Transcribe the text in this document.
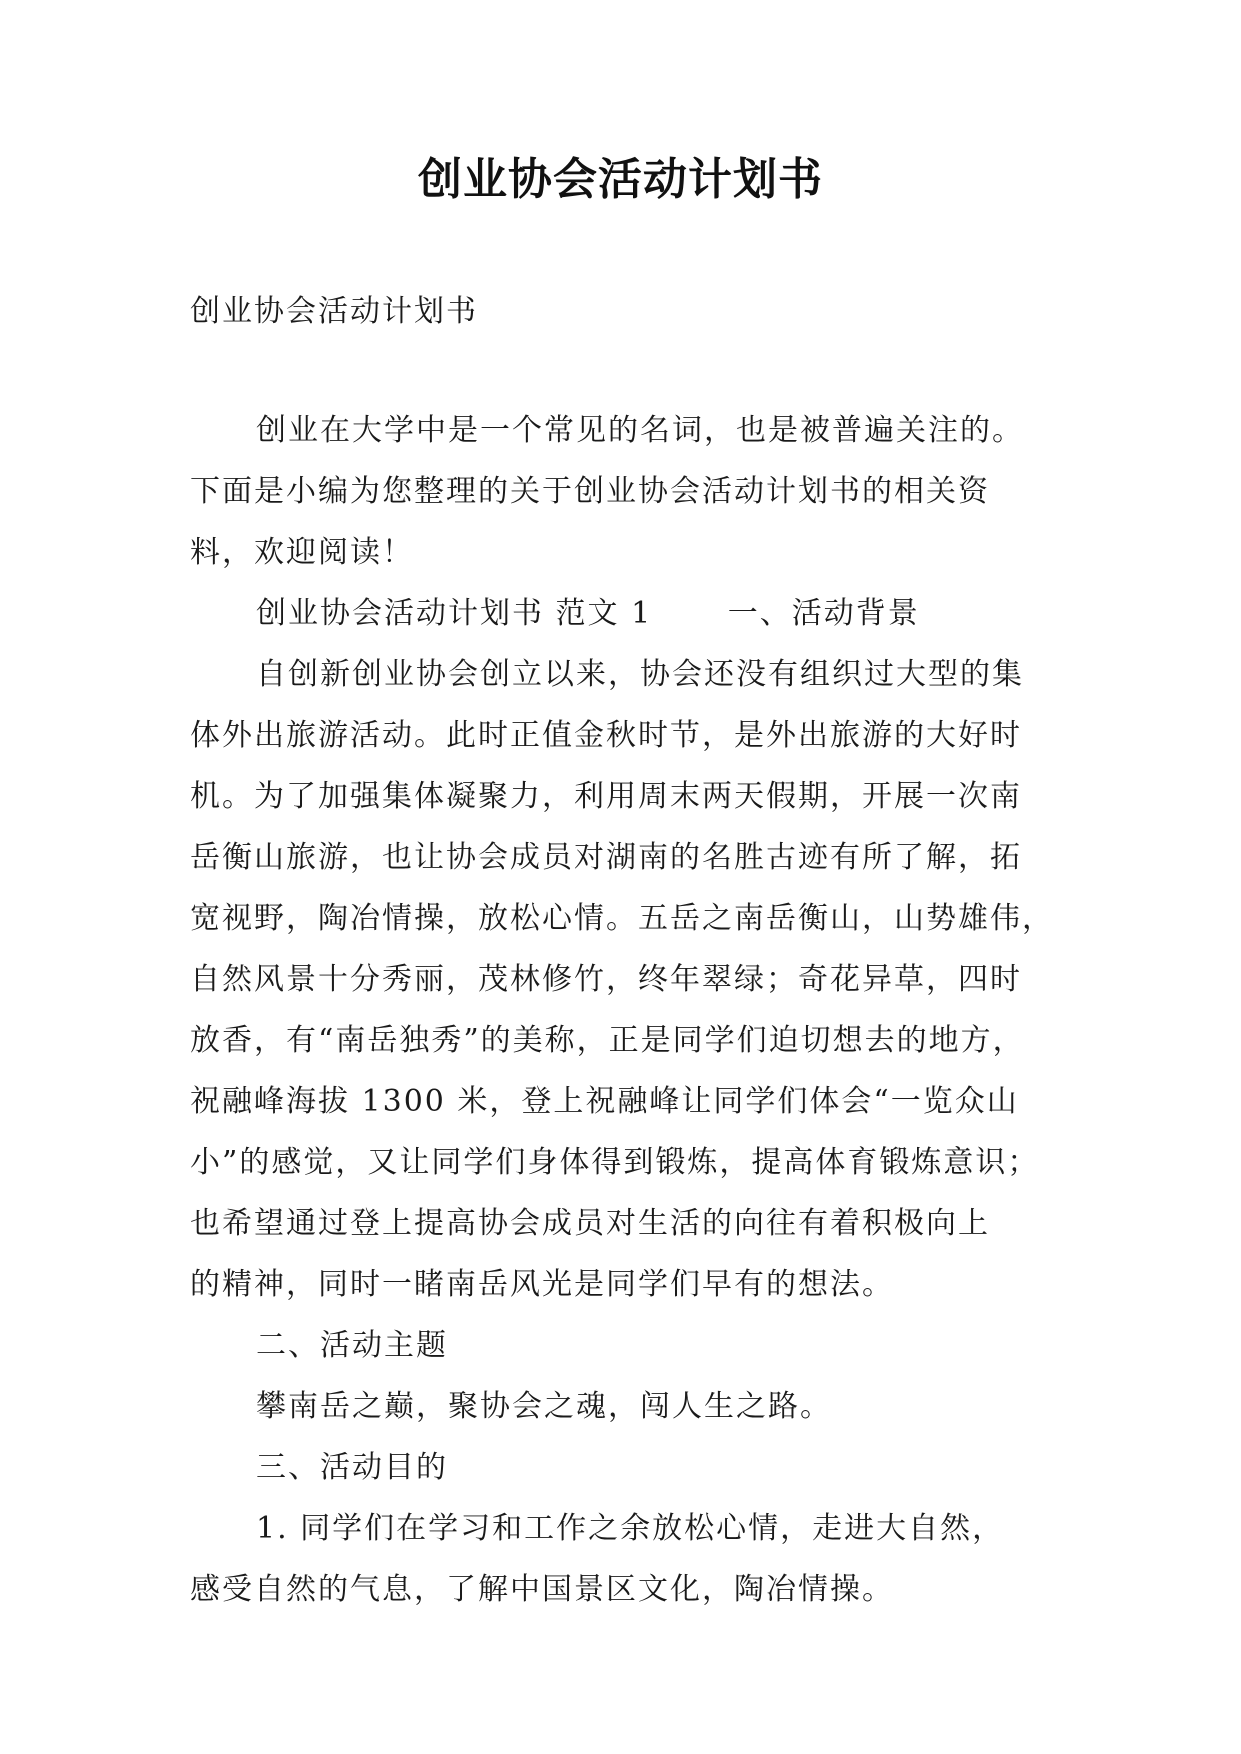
创业协会活动计划书
创业协会活动计划书
创业在大学中是一个常见的名词，也是被普遍关注的。
下面是小编为您整理的关于创业协会活动计划书的相关资
料，欢迎阅读！
创业协会活动计划书 范文 1　　 一、活动背景
自创新创业协会创立以来，协会还没有组织过大型的集
体外出旅游活动。此时正值金秋时节，是外出旅游的大好时
机。为了加强集体凝聚力，利用周末两天假期，开展一次南
岳衡山旅游，也让协会成员对湖南的名胜古迹有所了解，拓
宽视野，陶冶情操，放松心情。五岳之南岳衡山，山势雄伟，
自然风景十分秀丽，茂林修竹，终年翠绿；奇花异草，四时
放香，有“南岳独秀”的美称，正是同学们迫切想去的地方，
祝融峰海拔 1300 米，登上祝融峰让同学们体会“一览众山
小”的感觉，又让同学们身体得到锻炼，提高体育锻炼意识；
也希望通过登上提高协会成员对生活的向往有着积极向上
的精神，同时一睹南岳风光是同学们早有的想法。
二、活动主题
攀南岳之巅，聚协会之魂，闯人生之路。
三、活动目的
1. 同学们在学习和工作之余放松心情，走进大自然，
感受自然的气息，了解中国景区文化，陶冶情操。
